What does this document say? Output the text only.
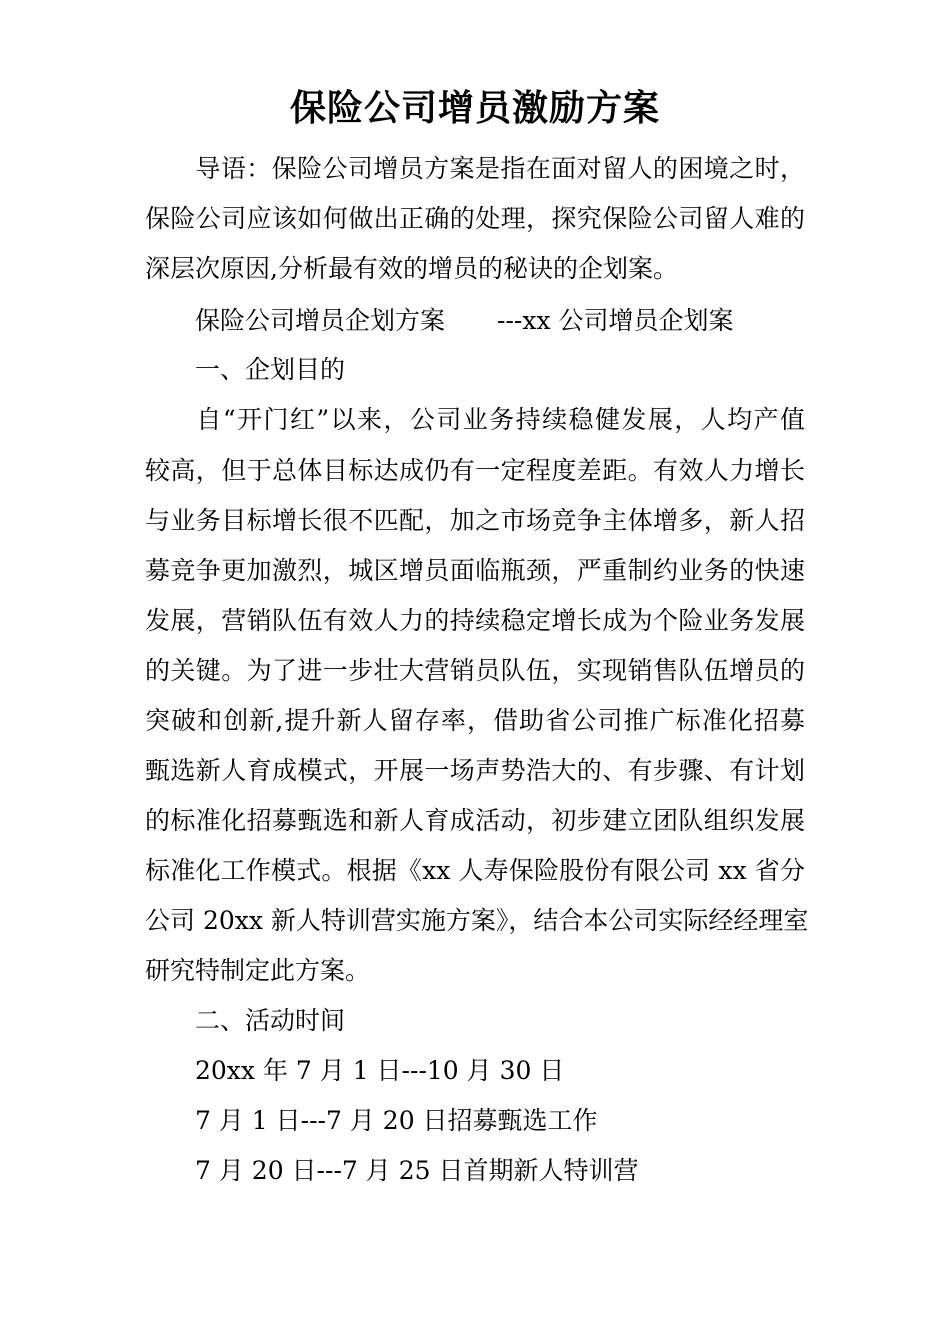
保险公司增员激励方案
导语：保险公司增员方案是指在面对留人的困境之时，
保险公司应该如何做出正确的处理，探究保险公司留人难的
深层次原因,分析最有效的增员的秘诀的企划案。
保险公司增员企划方案 ---xx 公司增员企划案
一、企划目的
自“开门红”以来，公司业务持续稳健发展，人均产值
较高，但于总体目标达成仍有一定程度差距。有效人力增长
与业务目标增长很不匹配，加之市场竞争主体增多，新人招
募竞争更加激烈，城区增员面临瓶颈，严重制约业务的快速
发展，营销队伍有效人力的持续稳定增长成为个险业务发展
的关键。为了进一步壮大营销员队伍，实现销售队伍增员的
突破和创新,提升新人留存率，借助省公司推广标准化招募
甄选新人育成模式，开展一场声势浩大的、有步骤、有计划
的标准化招募甄选和新人育成活动，初步建立团队组织发展
标准化工作模式。根据《xx 人寿保险股份有限公司 xx 省分
公司 20xx 新人特训营实施方案》，结合本公司实际经经理室
研究特制定此方案。
二、活动时间
20xx 年 7 月 1 日---10 月 30 日
7 月 1 日---7 月 20 日招募甄选工作
7 月 20 日---7 月 25 日首期新人特训营
